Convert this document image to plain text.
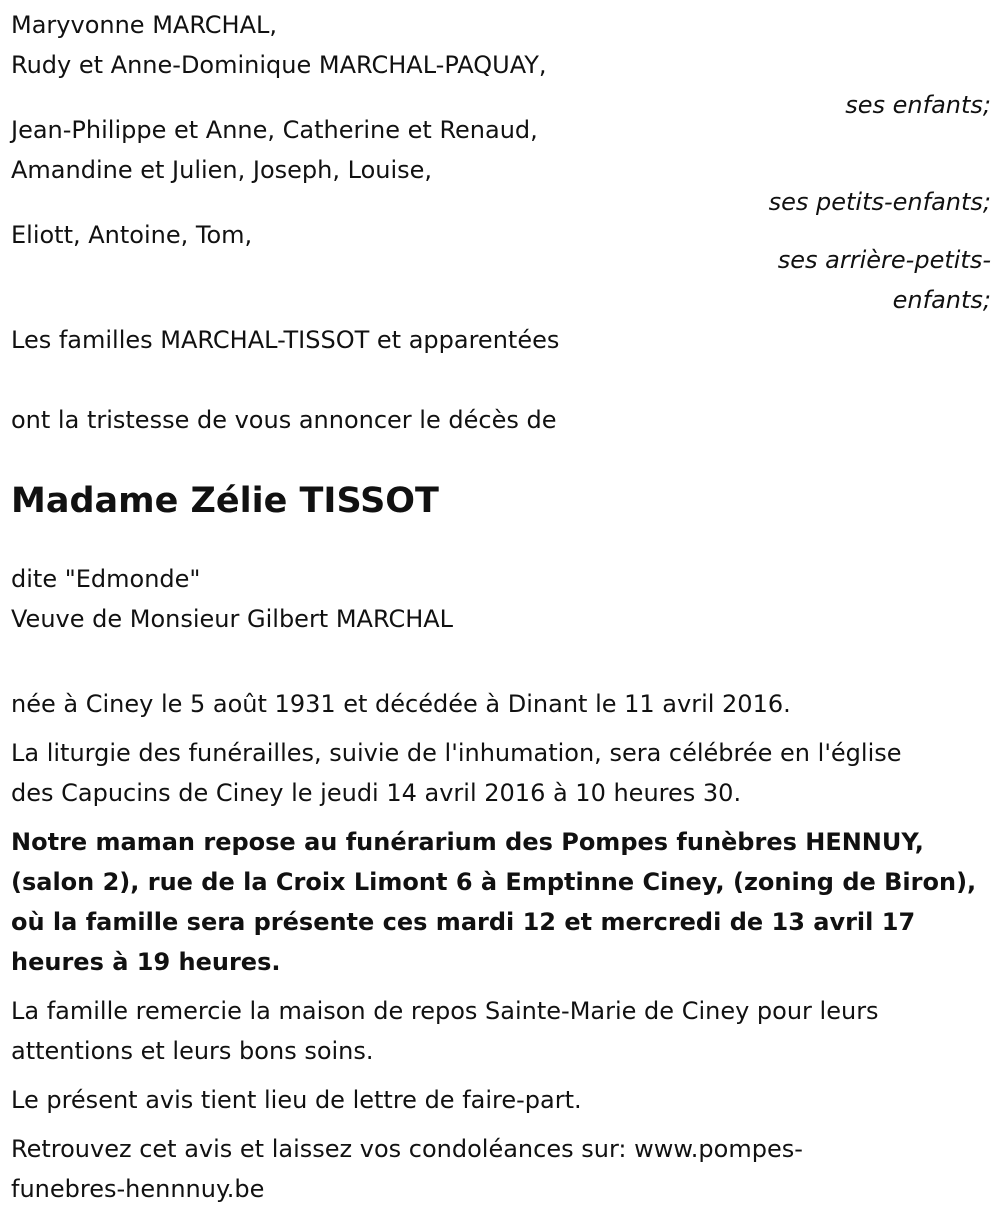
Maryvonne MARCHAL,
Rudy et Anne-Dominique MARCHAL-PAQUAY,
ses enfants;
Jean-Philippe et Anne, Catherine et Renaud,
Amandine et Julien, Joseph, Louise,
ses petits-enfants;
Eliott, Antoine, Tom,
ses arrière-petits-
enfants;
Les familles MARCHAL-TISSOT et apparentées
ont la tristesse de vous annoncer le décès de
Madame Zélie TISSOT
dite "Edmonde"
Veuve de Monsieur Gilbert MARCHAL
née à Ciney le 5 août 1931 et décédée à Dinant le 11 avril 2016.
La liturgie des funérailles, suivie de l'inhumation, sera célébrée en l'église
des Capucins de Ciney le jeudi 14 avril 2016 à 10 heures 30.
Notre maman repose au funérarium des Pompes funèbres HENNUY,
(salon 2), rue de la Croix Limont 6 à Emptinne Ciney, (zoning de Biron),
où la famille sera présente ces mardi 12 et mercredi de 13 avril 17
heures à 19 heures.
La famille remercie la maison de repos Sainte-Marie de Ciney pour leurs
attentions et leurs bons soins.
Le présent avis tient lieu de lettre de faire-part.
Retrouvez cet avis et laissez vos condoléances sur: www.pompes-
funebres-hennnuy.be
